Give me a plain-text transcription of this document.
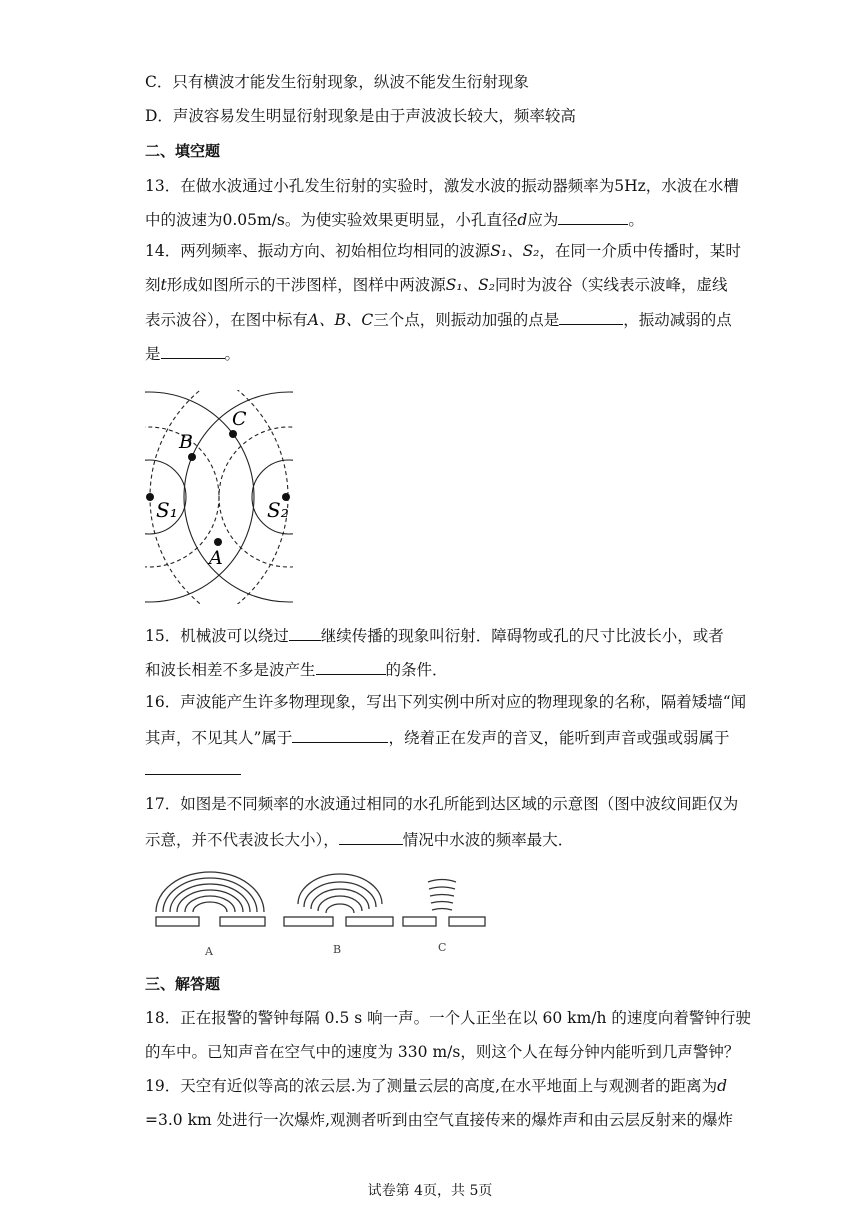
C．只有横波才能发生衍射现象，纵波不能发生衍射现象
D．声波容易发生明显衍射现象是由于声波波长较大，频率较高
二、填空题
13．在做水波通过小孔发生衍射的实验时，激发水波的振动器频率为5Hz，水波在水槽
中的波速为0.05m/s。为使实验效果更明显，小孔直径d应为	。
14．两列频率、振动方向、初始相位均相同的波源S₁、S₂，在同一介质中传播时，某时
刻t形成如图所示的干涉图样，图样中两波源S₁、S₂同时为波谷（实线表示波峰，虚线
表示波谷），在图中标有A、B、C三个点，则振动加强的点是	，振动减弱的点
是	。
S₁	S₂
B
C
A
15．机械波可以绕过 继续传播的现象叫衍射．障碍物或孔的尺寸比波长小，或者
和波长相差不多是波产生	的条件．
16．声波能产生许多物理现象，写出下列实例中所对应的物理现象的名称，隔着矮墙“闻
其声，不见其人”属于	，绕着正在发声的音叉，能听到声音或强或弱属于
17．如图是不同频率的水波通过相同的水孔所能到达区域的示意图（图中波纹间距仅为
示意，并不代表波长大小），	情况中水波的频率最大．
A	B	C
三、解答题
18．正在报警的警钟每隔 0.5 s 响一声。一个人正坐在以 60 km/h 的速度向着警钟行驶
的车中。已知声音在空气中的速度为 330 m/s，则这个人在每分钟内能听到几声警钟？
19．天空有近似等高的浓云层.为了测量云层的高度,在水平地面上与观测者的距离为d
=3.0 km 处进行一次爆炸,观测者听到由空气直接传来的爆炸声和由云层反射来的爆炸
试卷第 4页，共 5页
